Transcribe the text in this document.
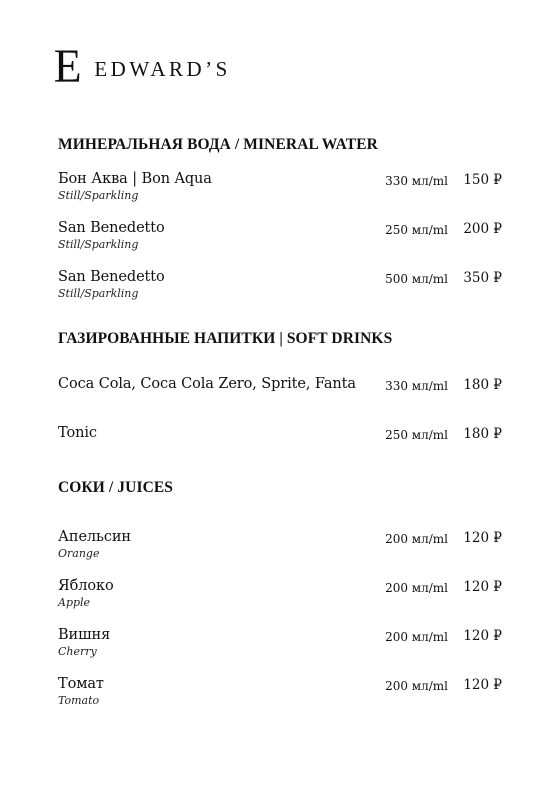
E EDWARD’S
МИНЕРАЛЬНАЯ ВОДА / MINERAL WATER
Бон Аква | Bon Aqua
Still/Sparkling
330 мл/ml 150 ₽
San Benedetto
Still/Sparkling
250 мл/ml 200 ₽
San Benedetto
Still/Sparkling
500 мл/ml 350 ₽
ГАЗИРОВАННЫЕ НАПИТКИ | SOFT DRINKS
Coca Cola, Coca Cola Zero, Sprite, Fanta 330 мл/ml 180 ₽
Tonic	250 мл/ml 180 ₽
СОКИ / JUICES
Апельсин
Orange
200 мл/ml 120 ₽
Яблоко
Apple
200 мл/ml 120 ₽
Вишня
Cherry
200 мл/ml 120 ₽
Томат
Tomato
200 мл/ml 120 ₽
